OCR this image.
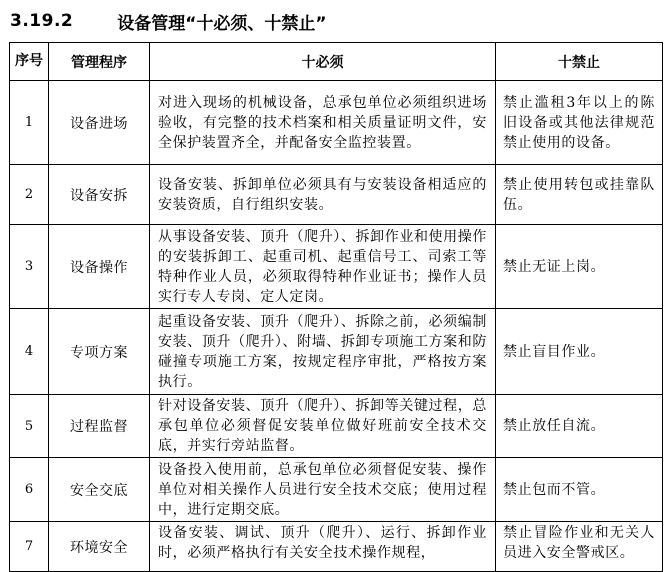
3.19.2	设备管理“十必须、十禁止”
序号	管理程序	十必须	十禁止
1	设备进场	对进入现场的机械设备，总承包单位必须组织进场验收，有完整的技术档案和相关质量证明文件，安全保护装置齐全，并配备安全监控装置。	禁止滥租3年以上的陈旧设备或其他法律规范禁止使用的设备。
2	设备安拆	设备安装、拆卸单位必须具有与安装设备相适应的安装资质，自行组织安装。	禁止使用转包或挂靠队伍。
3	设备操作	从事设备安装、顶升（爬升）、拆卸作业和使用操作的安装拆卸工、起重司机、起重信号工、司索工等特种作业人员，必须取得特种作业证书；操作人员实行专人专岗、定人定岗。	禁止无证上岗。
4	专项方案	起重设备安装、顶升（爬升）、拆除之前，必须编制安装、顶升（爬升）、附墙、拆卸专项施工方案和防碰撞专项施工方案，按规定程序审批，严格按方案执行。	禁止盲目作业。
5	过程监督	针对设备安装、顶升（爬升）、拆卸等关键过程，总承包单位必须督促安装单位做好班前安全技术交底，并实行旁站监督。	禁止放任自流。
6	安全交底	设备投入使用前，总承包单位必须督促安装、操作单位对相关操作人员进行安全技术交底；使用过程中，进行定期交底。	禁止包而不管。
7	环境安全	设备安装、调试、顶升（爬升）、运行、拆卸作业时，必须严格执行有关安全技术操作规程，	禁止冒险作业和无关人员进入安全警戒区。
